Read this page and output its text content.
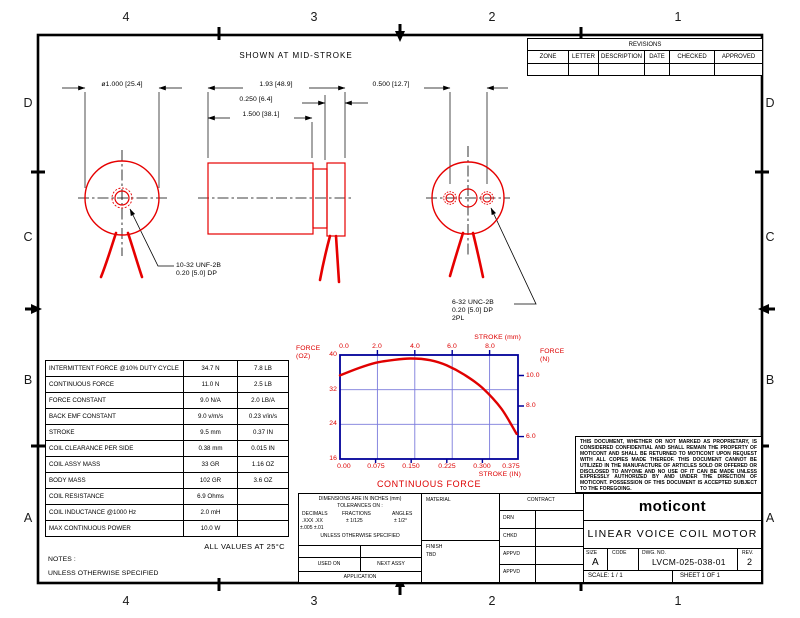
4	3	2	1
4	3	2	1
D
C
B
A
D
C
B
A
REVISIONS					
ZONE	LETTER	DESCRIPTION	DATE	CHECKED	APPROVED

SHOWN AT MID-STROKE
ø1.000 [25.4]	1.93 [48.9]	0.500 [12.7]
0.250 [6.4]
1.500 [38.1]
10-32 UNF-2B
0.20 [5.0] DP
6-32 UNC-2B
0.20 [5.0] DP
2PL
STROKE (mm)
0.0	2.0	4.0	6.0	8.0
FORCE
(OZ)	40
32
24
16
FORCE
(N)
10.0
8.0
6.0
0.00 0.075	0.150	0.225	0.300 0.375
STROKE (IN)
CONTINUOUS FORCE
INTERMITTENT FORCE @10% DUTY CYCLE	34.7 N	7.8 LB
CONTINUOUS FORCE	11.0 N	2.5 LB
FORCE CONSTANT	9.0 N/A	2.0 LB/A
BACK EMF CONSTANT	9.0 v/m/s	0.23 v/in/s
STROKE	9.5 mm	0.37 IN
COIL CLEARANCE PER SIDE	0.38 mm	0.015 IN
COIL ASSY MASS	33 GR	1.16 OZ
BODY MASS	102 GR	3.6 OZ
COIL RESISTANCE	6.9 Ohms	
COIL INDUCTANCE @1000 Hz	2.0 mH	
MAX CONTINUOUS POWER	10.0 W	
ALL VALUES AT 25°C
NOTES :
UNLESS OTHERWISE SPECIFIED
THIS DOCUMENT, WHETHER OR NOT MARKED AS PROPRIETARY, IS CONSIDERED CONFIDENTIAL AND SHALL REMAIN THE PROPERTY OF MOTICONT AND SHALL BE RETURNED TO MOTICONT UPON REQUEST WITH ALL COPIES MADE THEREOF. THIS DOCUMENT CANNOT BE UTILIZED IN THE MANUFACTURE OF ARTICLES SOLD OR OFFERED OR DISCLOSED TO ANYONE AND NO USE OF IT CAN BE MADE UNLESS EXPRESSLY AUTHORIZED BY AND UNDER THE DIRECTION OF MOTICONT. POSSESSION OF THIS DOCUMENT IS ACCEPTED SUBJECT TO THE FOREGOING.
DIMENSIONS ARE IN INCHES (mm)
TOLERANCES ON :
DECIMALS	FRACTIONS	ANGLES
.XXX .XX	± 1/125	± 1/2°
±.005 ±.01
UNLESS OTHERWISE SPECIFIED
USED ON	NEXT ASSY
APPLICATION
MATERIAL
FINISH
TBD
CONTRACT
DRN
CHKD
APPVD
APPVD
moticont
LINEAR VOICE COIL MOTOR
SIZE
A
CODE	DWG. NO.
LVCM-025-038-01
REV.
2
SCALE: 1 / 1	SHEET 1 OF 1
